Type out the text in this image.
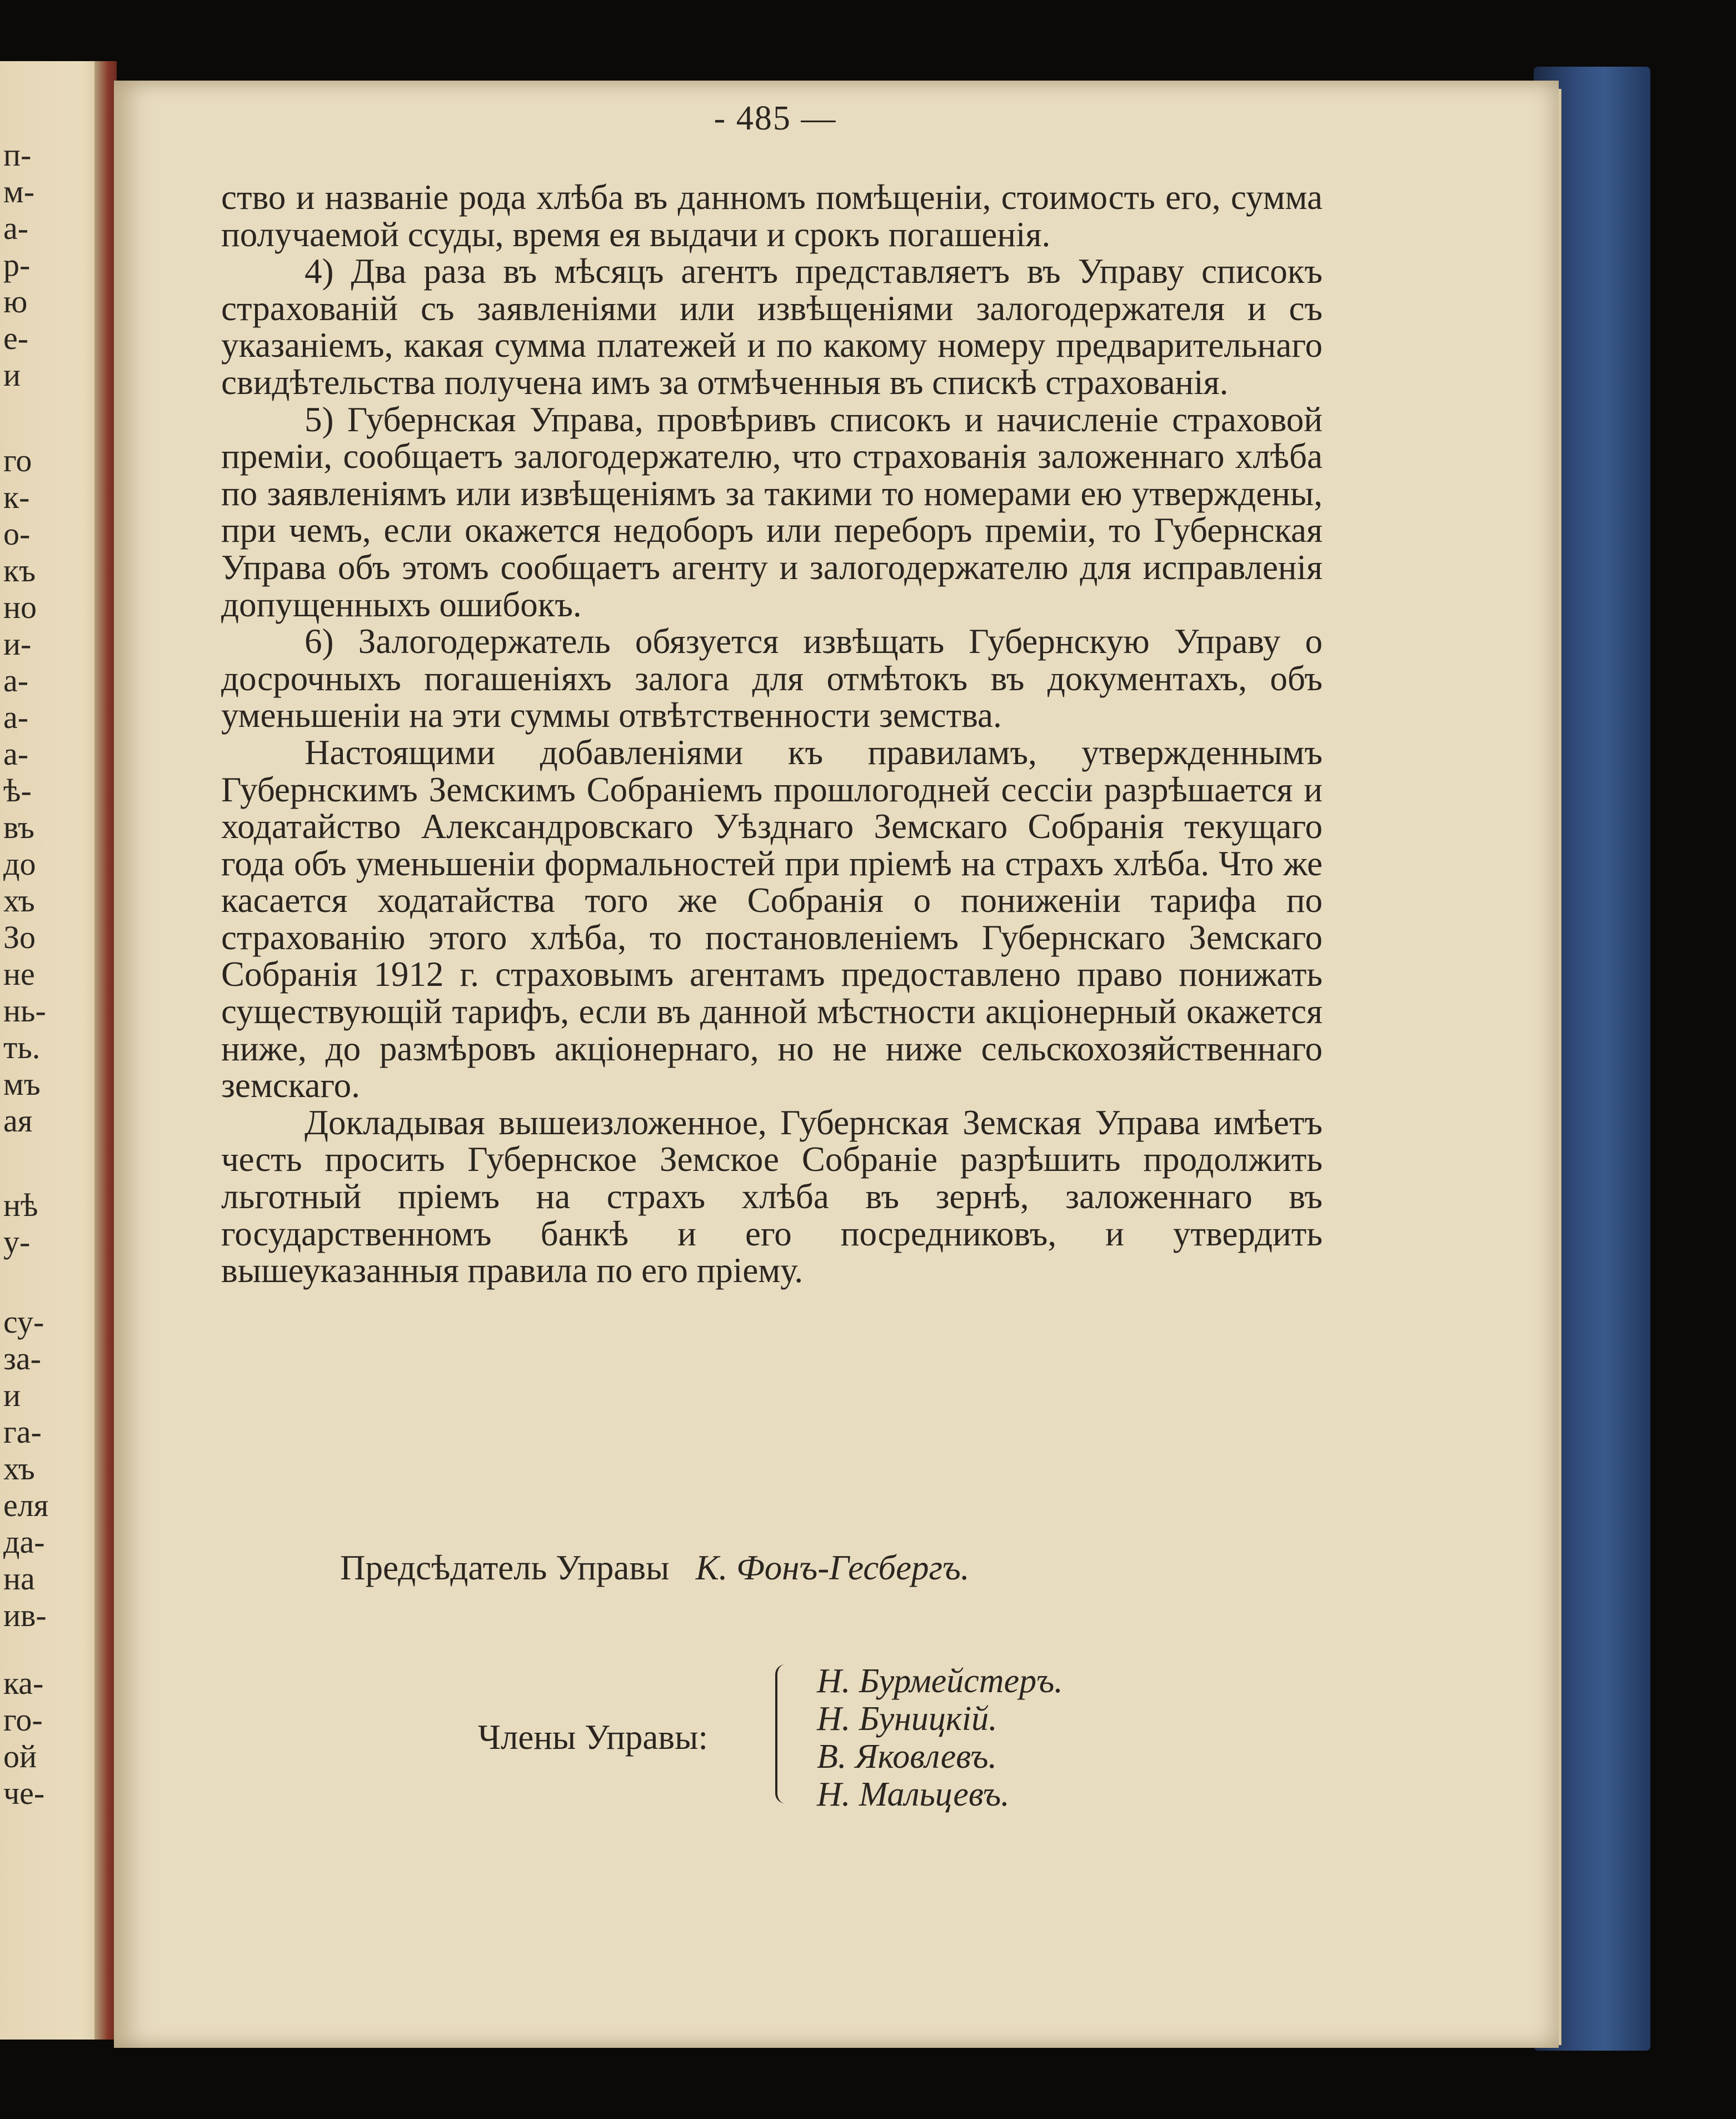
п-
м-
а-
р-
ю
е-
и
го
к-
о-
къ
но
и-
а-
а-
а-
ѣ-
въ
до
хъ
Зо
не
нь-
ть.
мъ
ая
нѣ
у-
су-
за-
и
га-
хъ
еля
да-
на
ив-
ка-
го-
ой
че-
- 485 —

ство и названіе рода хлѣба въ данномъ помѣщеніи, стоимость его, сумма получаемой ссуды, время ея выдачи и срокъ погашенія.

4) Два раза въ мѣсяцъ агентъ представляетъ въ Управу списокъ страхованій съ заявленіями или извѣщеніями залогодержателя и съ указаніемъ, какая сумма платежей и по какому номеру предварительнаго свидѣтельства получена имъ за отмѣченныя въ спискѣ страхованія.

5) Губернская Управа, провѣривъ списокъ и начисленіе страховой преміи, сообщаетъ залогодержателю, что страхованія заложеннаго хлѣба по заявленіямъ или извѣщеніямъ за такими то номерами ею утверждены, при чемъ, если окажется недоборъ или переборъ преміи, то Губернская Управа объ этомъ сообщаетъ агенту и залогодержателю для исправленія допущенныхъ ошибокъ.

6) Залогодержатель обязуется извѣщать Губернскую Управу о досрочныхъ погашеніяхъ залога для отмѣтокъ въ документахъ, объ уменьшеніи на эти суммы отвѣтственности земства.

Настоящими добавленіями къ правиламъ, утвержденнымъ Губернскимъ Земскимъ Собраніемъ прошлогодней сессіи разрѣшается и ходатайство Александровскаго Уѣзднаго Земскаго Собранія текущаго года объ уменьшеніи формальностей при пріемѣ на страхъ хлѣба. Что же касается ходатайства того же Собранія о пониженіи тарифа по страхованію этого хлѣба, то постановленіемъ Губернскаго Земскаго Собранія 1912 г. страховымъ агентамъ предоставлено право понижать существующій тарифъ, если въ данной мѣстности акціонерный окажется ниже, до размѣровъ акціонернаго, но не ниже сельскохозяйственнаго земскаго.

Докладывая вышеизложенное, Губернская Земская Управа имѣетъ честь просить Губернское Земское Собраніе разрѣшить продолжить льготный пріемъ на страхъ хлѣба въ зернѣ, заложеннаго въ государственномъ банкѣ и его посредниковъ, и утвердить вышеуказанныя правила по его пріему.

Предсѣдатель Управы К. Фонъ-Гесбергъ.
Члены Управы:
Н. Бурмейстеръ.
Н. Буницкій.
В. Яковлевъ.
Н. Мальцевъ.
